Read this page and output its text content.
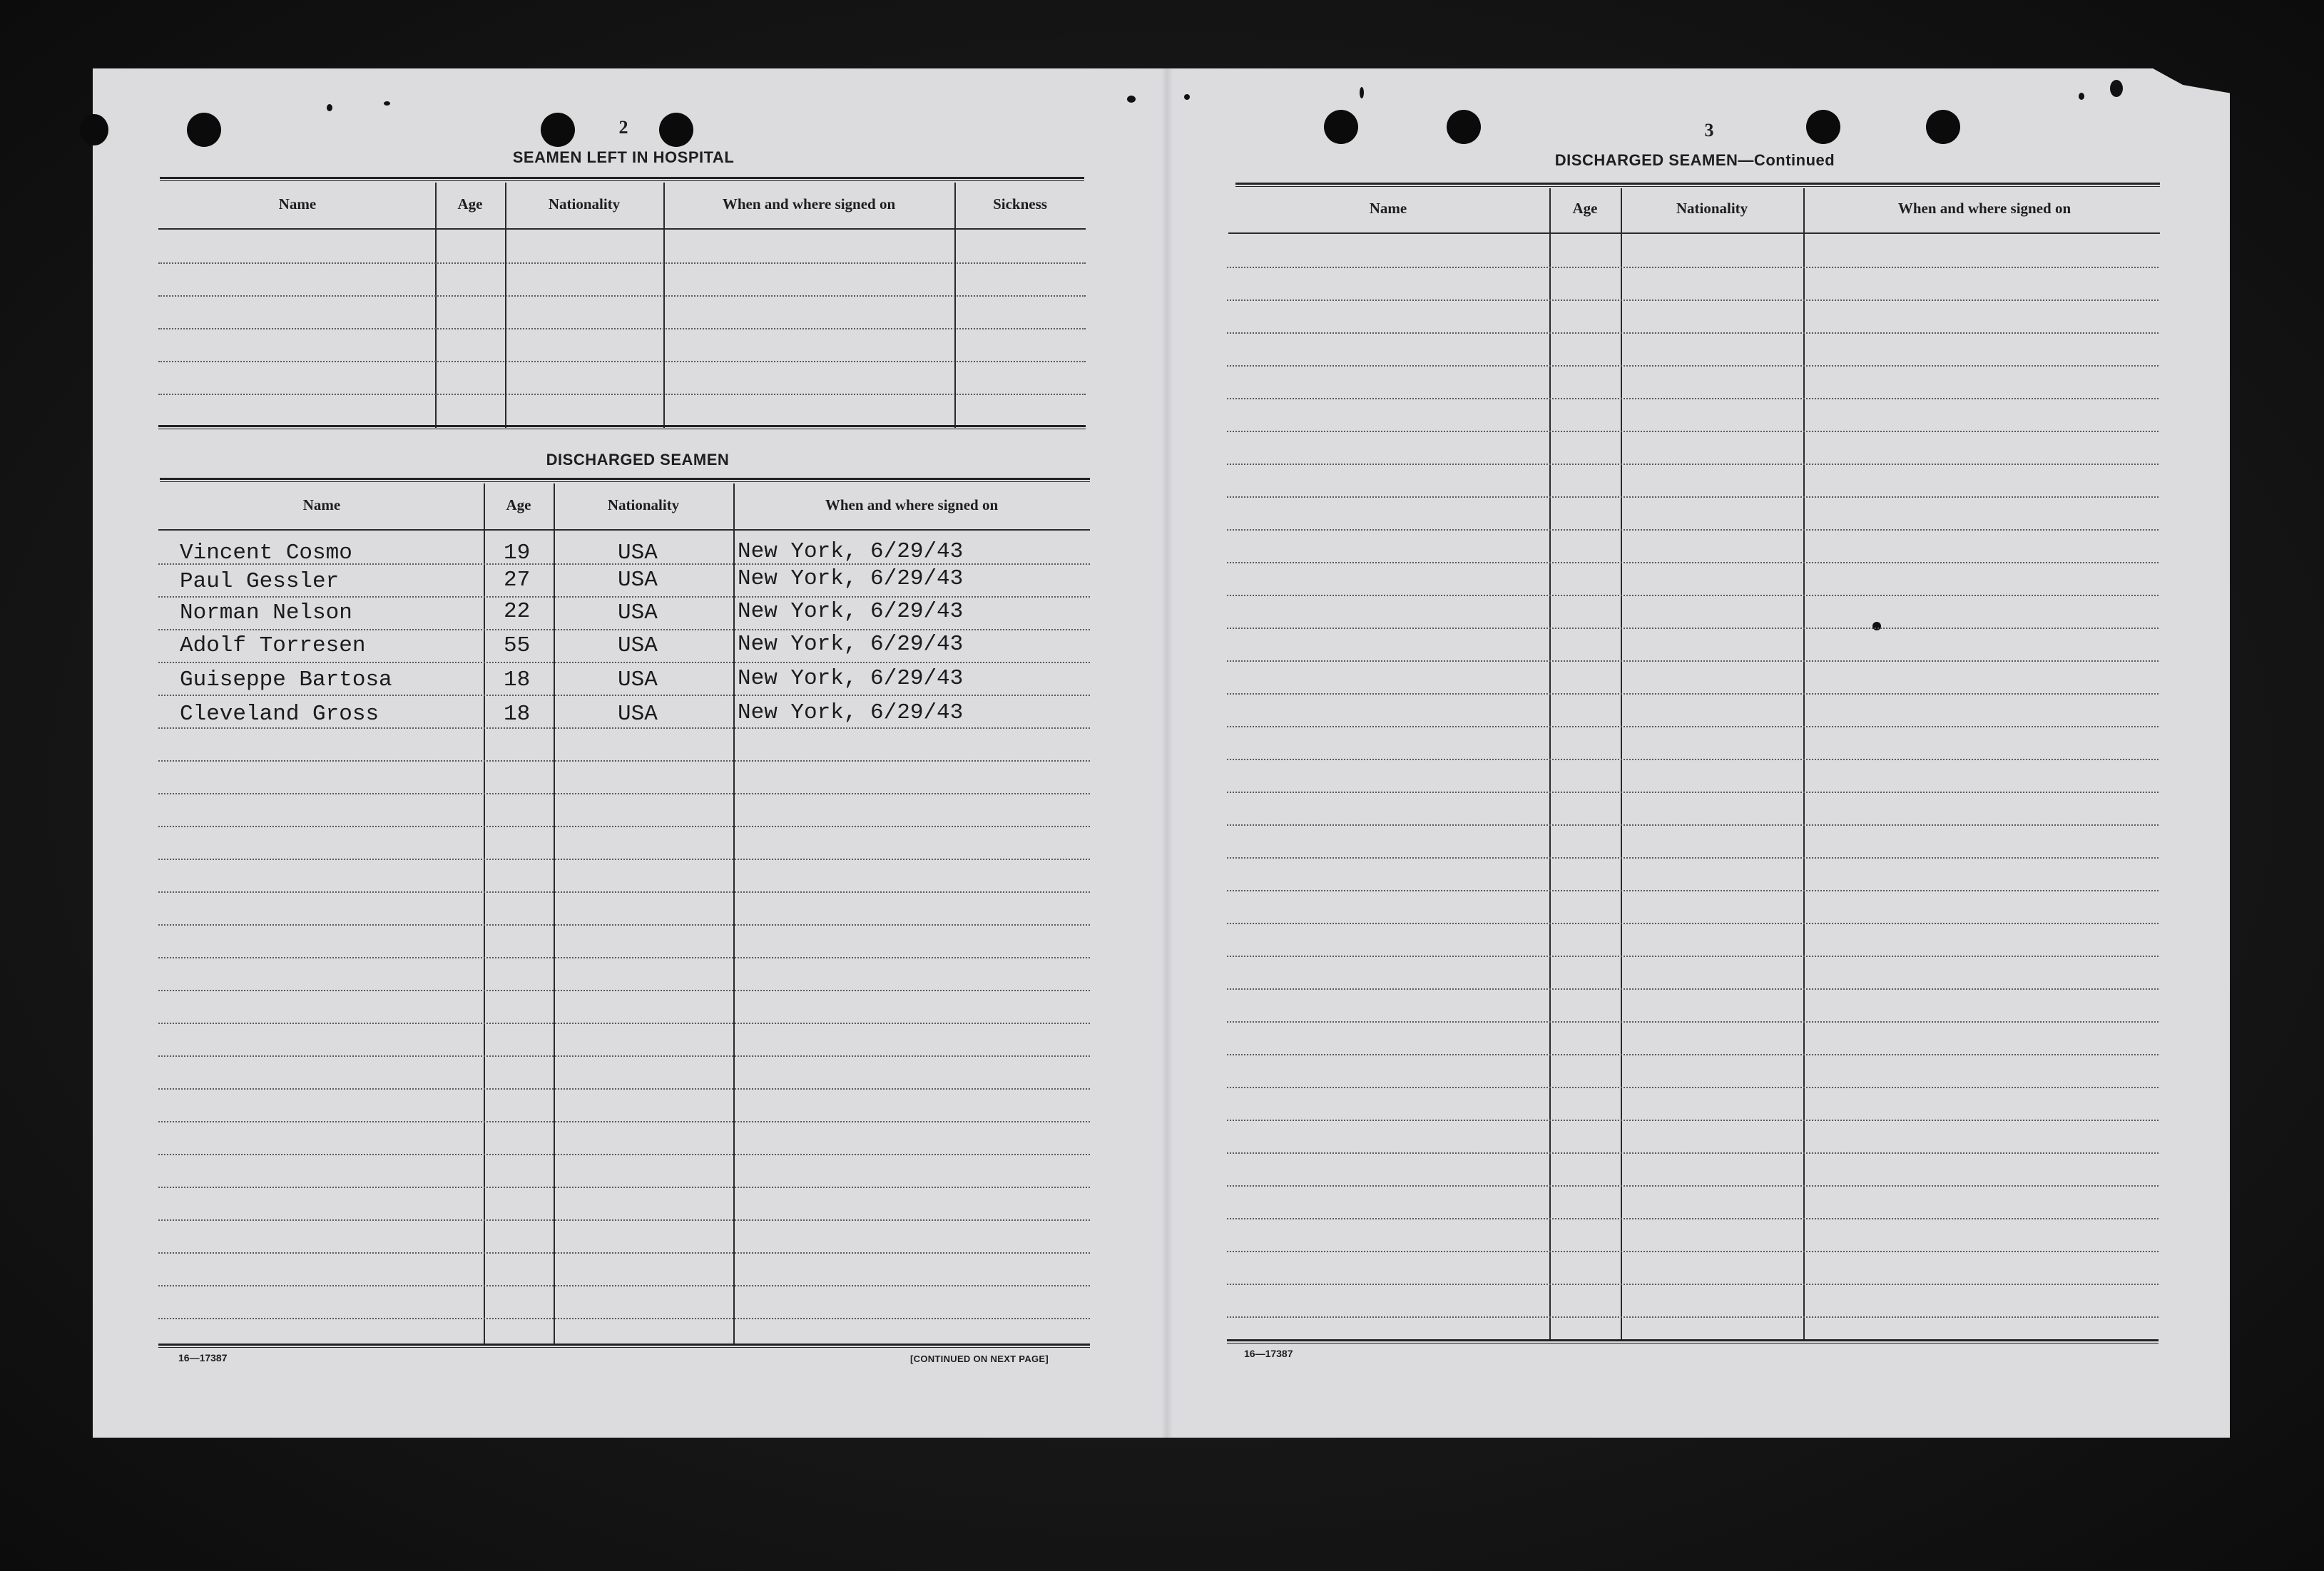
2
SEAMEN LEFT IN HOSPITAL
Name	Age	Nationality	When and where signed on	Sickness
DISCHARGED SEAMEN
Name	Age	Nationality	When and where signed on
Vincent Cosmo	19	USA	New York, 6/29/43
Paul Gessler	27	USA	New York, 6/29/43
Norman Nelson	22	USA	New York, 6/29/43
Adolf Torresen	55	USA	New York, 6/29/43
Guiseppe Bartosa	18	USA	New York, 6/29/43
Cleveland Gross	18	USA	New York, 6/29/43
16—17387	[CONTINUED ON NEXT PAGE]
3
DISCHARGED SEAMEN—Continued
Name	Age	Nationality	When and where signed on
16—17387
